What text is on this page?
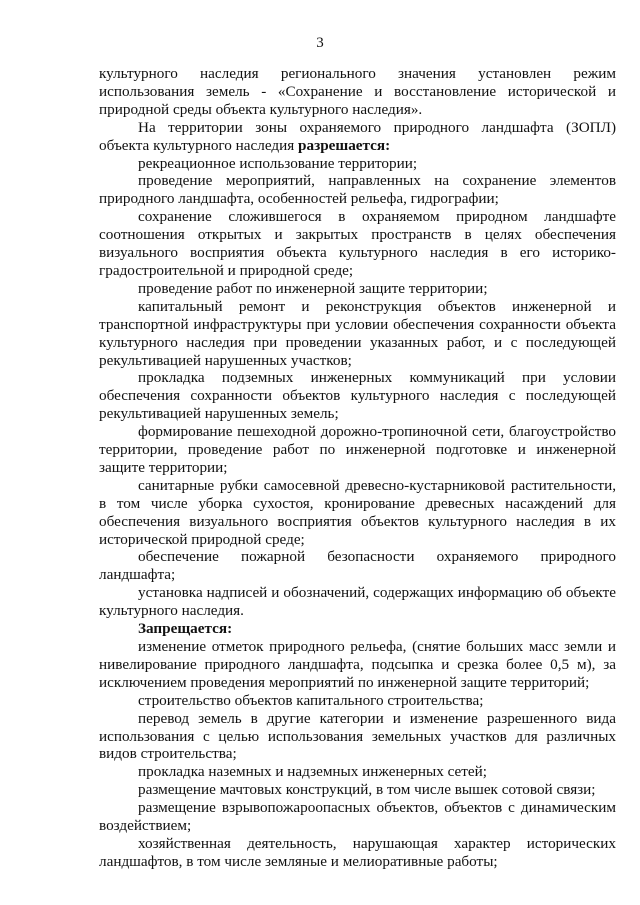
3

культурного наследия регионального значения установлен режим использования земель - «Сохранение и восстановление исторической и природной среды объекта культурного наследия».

На территории зоны охраняемого природного ландшафта (ЗОПЛ) объекта культурного наследия разрешается:

рекреационное использование территории;

проведение мероприятий, направленных на сохранение элементов природного ландшафта, особенностей рельефа, гидрографии;

сохранение сложившегося в охраняемом природном ландшафте соотношения открытых и закрытых пространств в целях обеспечения визуального восприятия объекта культурного наследия в его историко-градостроительной и природной среде;

проведение работ по инженерной защите территории;

капитальный ремонт и реконструкция объектов инженерной и транспортной инфраструктуры при условии обеспечения сохранности объекта культурного наследия при проведении указанных работ, и с последующей рекультивацией нарушенных участков;

прокладка подземных инженерных коммуникаций при условии обеспечения сохранности объектов культурного наследия с последующей рекультивацией нарушенных земель;

формирование пешеходной дорожно-тропиночной сети, благоустройство территории, проведение работ по инженерной подготовке и инженерной защите территории;

санитарные рубки самосевной древесно-кустарниковой растительности, в том числе уборка сухостоя, кронирование древесных насаждений для обеспечения визуального восприятия объектов культурного наследия в их исторической природной среде;

обеспечение пожарной безопасности охраняемого природного ландшафта;

установка надписей и обозначений, содержащих информацию об объекте культурного наследия.

Запрещается:

изменение отметок природного рельефа, (снятие больших масс земли и нивелирование природного ландшафта, подсыпка и срезка более 0,5 м), за исключением проведения мероприятий по инженерной защите территорий;

строительство объектов капитального строительства;

перевод земель в другие категории и изменение разрешенного вида использования с целью использования земельных участков для различных видов строительства;

прокладка наземных и надземных инженерных сетей;

размещение мачтовых конструкций, в том числе вышек сотовой связи;

размещение взрывопожароопасных объектов, объектов с динамическим воздействием;

хозяйственная деятельность, нарушающая характер исторических ландшафтов, в том числе земляные и мелиоративные работы;
